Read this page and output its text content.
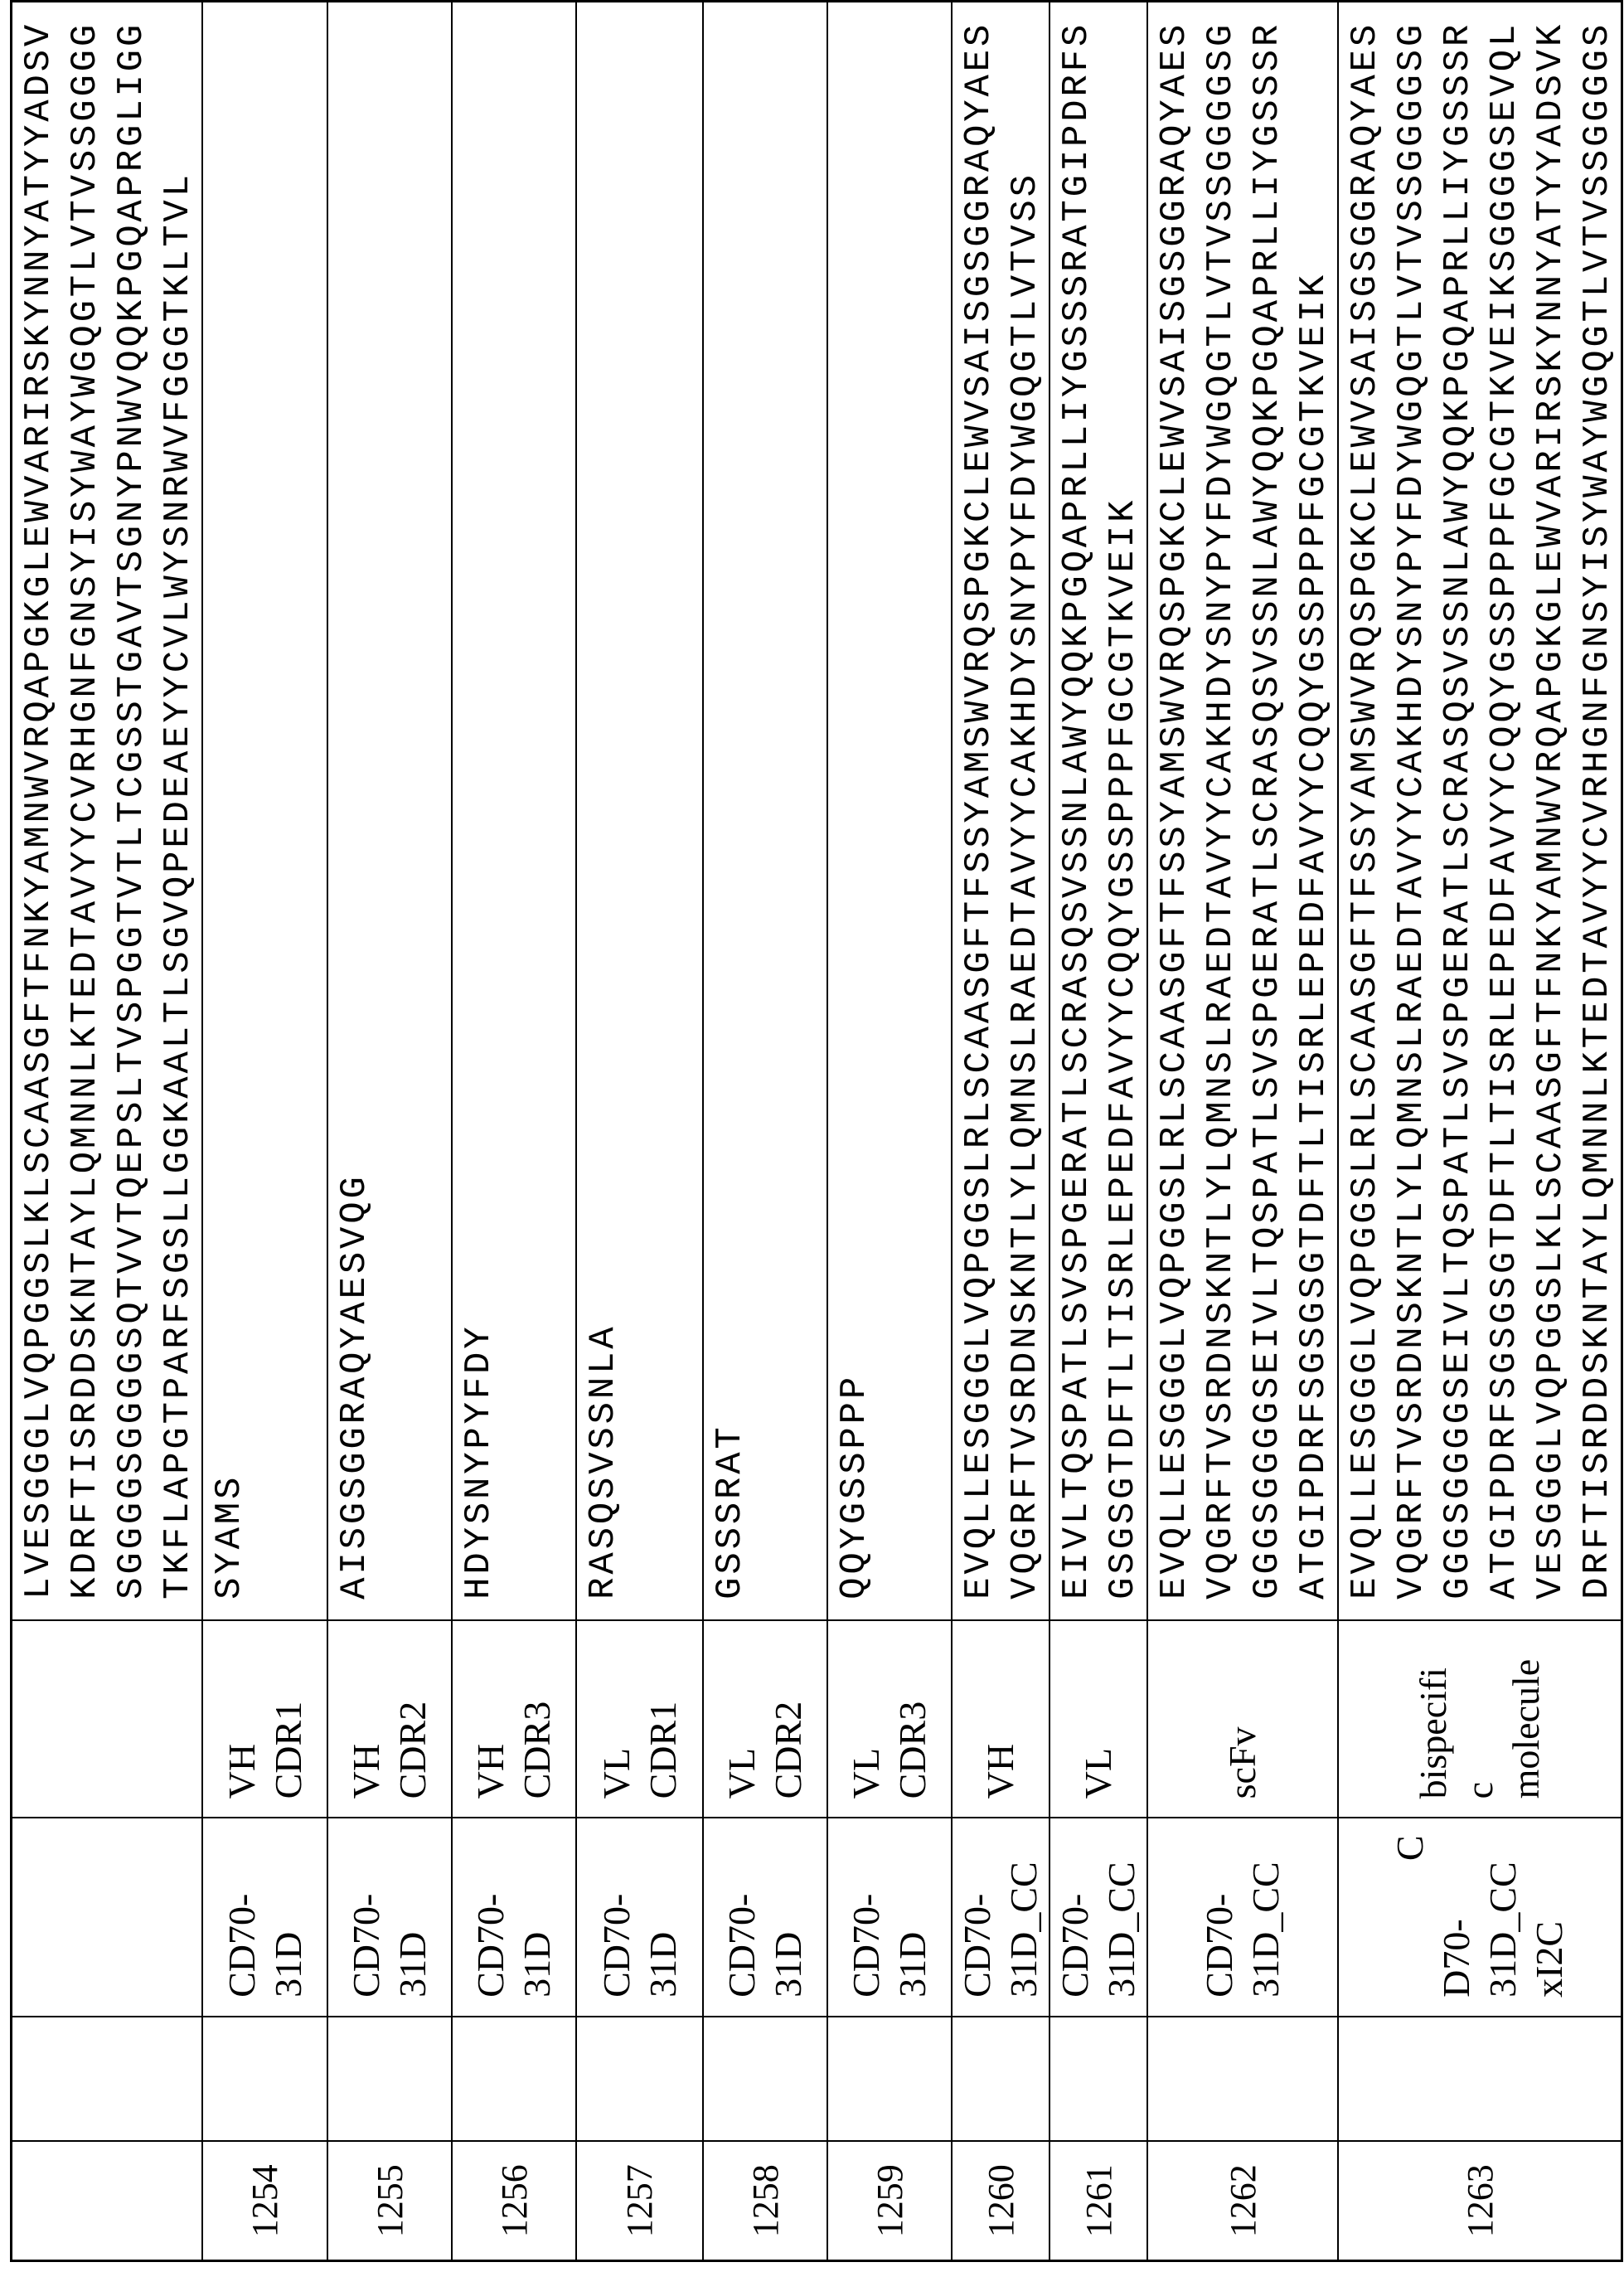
LVESGGGLVQPGGSLKLSCAASGFTFNKYAMNWVRQAPGKGLEWVARIRSKYNNYATYYADSV KDRFTISRDDSKNTAYLQMNNLKTEDTAVYYCVRHGNFGNSYISYWAYWGQGTLVTVSSGGGG SGGGGSGGGGSQTVVTQEPSLTVSPGGTVTLTCGSSTGAVTSGNYPNWVQQKPGQAPRGLIGG TKFLAPGTPARFSGSLLGGKAALTLSGVQPEDEAEYYCVLWYSNRWVFGGGTKLTVL

1254		
CD70- 31D

VH CDR1

SYAMS

1255		
CD70- 31D

VH CDR2

AISGSGGRAQYAESVQG

1256		
CD70- 31D

VH CDR3

HDYSNYPYFDY

1257		
CD70- 31D

VL CDR1

RASQSVSSNLA

1258		
CD70- 31D

VL CDR2

GSSSRAT

1259		
CD70- 31D

VL CDR3

QQYGSSPPP

1260		
CD70- 31D_CC

VH

EVQLLESGGGLVQPGGSLRLSCAASGFTFSSYAMSWVRQSPGKCLEWVSAISGSGGRAQYAES VQGRFTVSRDNSKNTLYLQMNSLRAEDTAVYYCAKHDYSNYPYFDYWGQGTLVTVSS

1261		
CD70- 31D_CC

VL

EIVLTQSPATLSVSPGERATLSCRASQSVSSNLAWYQQKPGQAPRLLIYGSSSRATGIPDRFS GSGSGTDFTLTISRLEPEDFAVYYCQQYGSSPPPFGCGTKVEIK

1262		
CD70- 31D_CC

scFv

EVQLLESGGGLVQPGGSLRLSCAASGFTFSSYAMSWVRQSPGKCLEWVSAISGSGGRAQYAES VQGRFTVSRDNSKNTLYLQMNSLRAEDTAVYYCAKHDYSNYPYFDYWGQGTLVTVSSGGGGSG GGGSGGGGSEIVLTQSPATLSVSPGERATLSCRASQSVSSNLAWYQQKPGQAPRLLIYGSSSR ATGIPDRFSGSGSGTDFTLTISRLEPEDFAVYYCQQYGSSPPPFGCGTKVEIK

1263		
C
D70- 31D_CC xI2C

bispecifi c molecule

EVQLLESGGGLVQPGGSLRLSCAASGFTFSSYAMSWVRQSPGKCLEWVSAISGSGGRAQYAES VQGRFTVSRDNSKNTLYLQMNSLRAEDTAVYYCAKHDYSNYPYFDYWGQGTLVTVSSGGGGSG GGGSGGGGSEIVLTQSPATLSVSPGERATLSCRASQSVSSNLAWYQQKPGQAPRLLIYGSSSR ATGIPDRFSGSGSGTDFTLTISRLEPEDFAVYYCQQYGSSPPPFGCGTKVEIKSGGGGSEVQL VESGGGLVQPGGSLKLSCAASGFTFNKYAMNWVRQAPGKGLEWVARIRSKYNNYATYYADSVK DRFTISRDDSKNTAYLQMNNLKTEDTAVYYCVRHGNFGNSYISYWAYWGQGTLVTVSSGGGGS
